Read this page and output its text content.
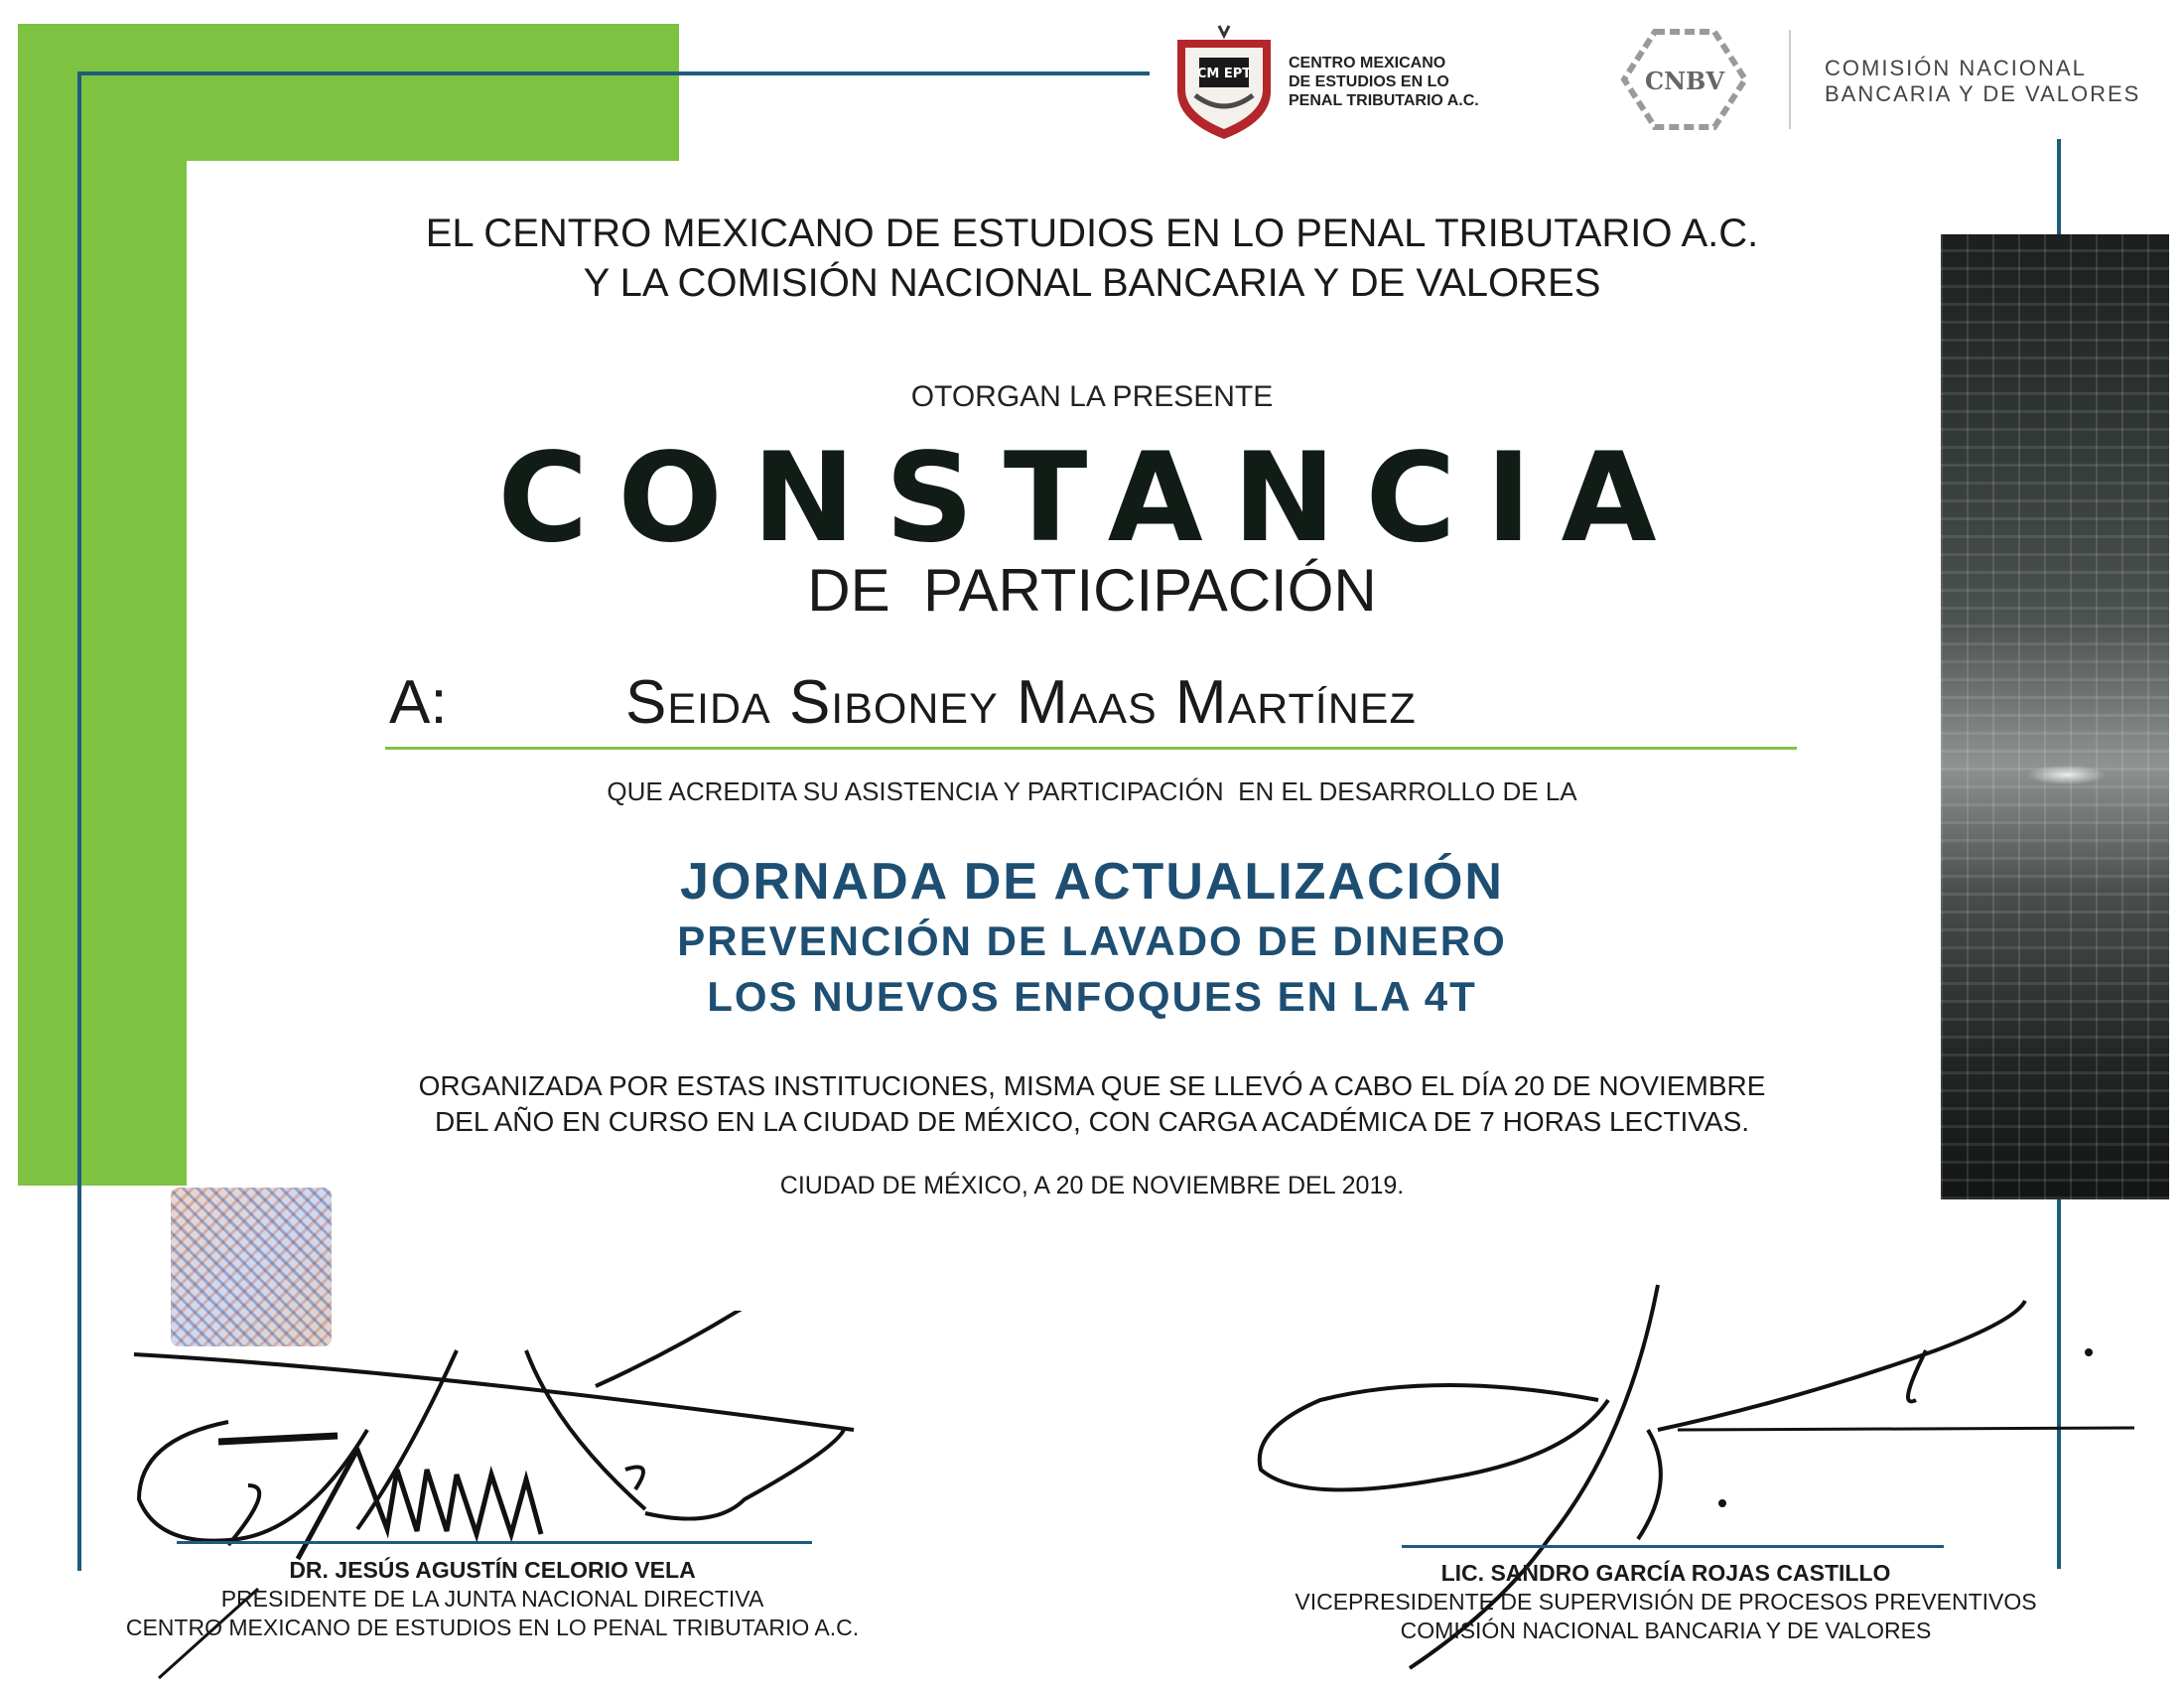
CM EPT
CENTRO MEXICANO
DE ESTUDIOS EN LO
PENAL TRIBUTARIO A.C.
CNBV	COMISIÓN NACIONAL
BANCARIA Y DE VALORES
EL CENTRO MEXICANO DE ESTUDIOS EN LO PENAL TRIBUTARIO A.C.
Y LA COMISIÓN NACIONAL BANCARIA Y DE VALORES
OTORGAN LA PRESENTE
CONSTANCIA
DE  PARTICIPACIÓN
A:	Seida Siboney Maas Martínez
QUE ACREDITA SU ASISTENCIA Y PARTICIPACIÓN  EN EL DESARROLLO DE LA
JORNADA DE ACTUALIZACIÓN
PREVENCIÓN DE LAVADO DE DINERO
LOS NUEVOS ENFOQUES EN LA 4T
ORGANIZADA POR ESTAS INSTITUCIONES, MISMA QUE SE LLEVÓ A CABO EL DÍA 20 DE NOVIEMBRE
DEL AÑO EN CURSO EN LA CIUDAD DE MÉXICO, CON CARGA ACADÉMICA DE 7 HORAS LECTIVAS.
CIUDAD DE MÉXICO, A 20 DE NOVIEMBRE DEL 2019.
DR. JESÚS AGUSTÍN CELORIO VELA
PRESIDENTE DE LA JUNTA NACIONAL DIRECTIVA
CENTRO MEXICANO DE ESTUDIOS EN LO PENAL TRIBUTARIO A.C.
LIC. SANDRO GARCÍA ROJAS CASTILLO
VICEPRESIDENTE DE SUPERVISIÓN DE PROCESOS PREVENTIVOS
COMISIÓN NACIONAL BANCARIA Y DE VALORES
